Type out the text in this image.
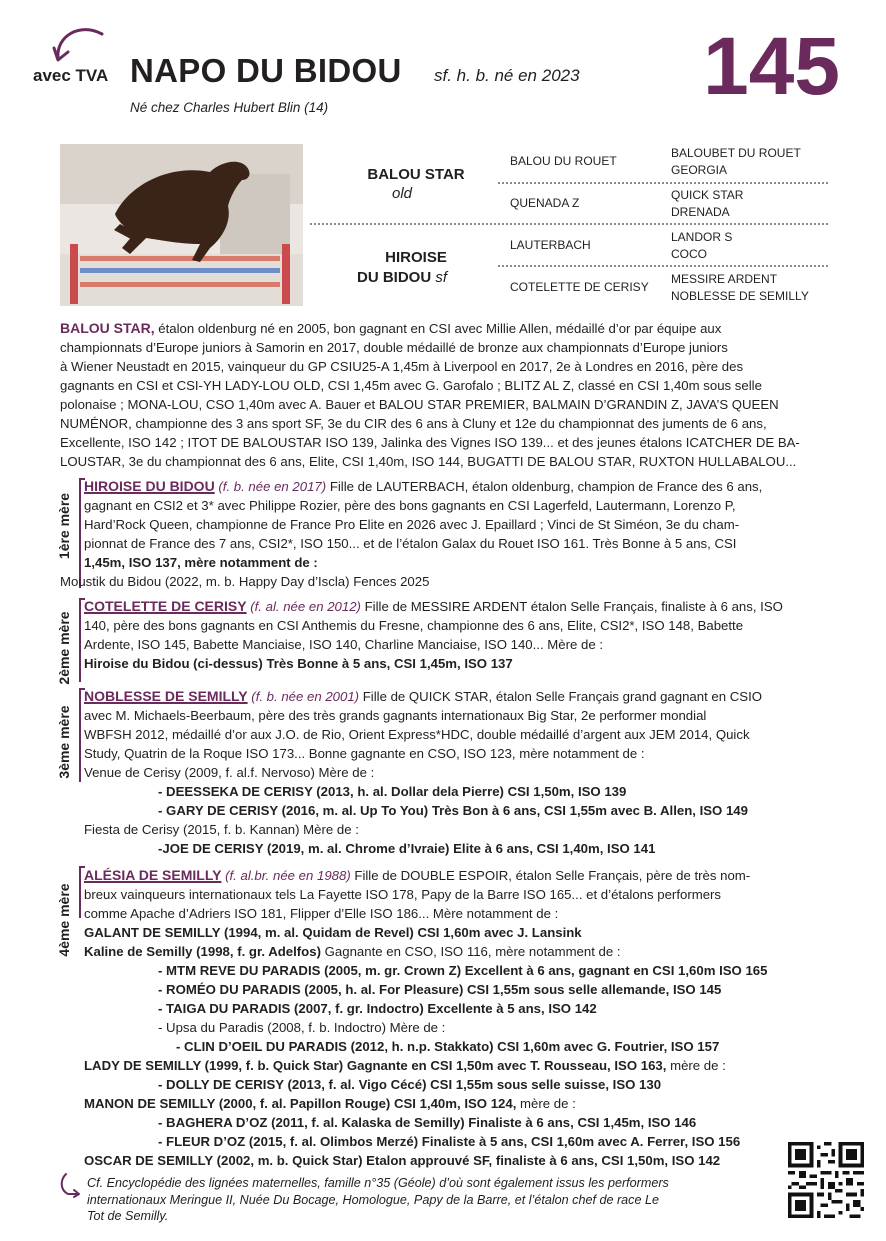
avec TVA NAPO DU BIDOU sf. h. b. né en 2023
Né chez Charles Hubert Blin (14)	145
BALOU STAR
old
HIROISE
DU BIDOU sf
BALOU DU ROUET
QUENADA Z
LAUTERBACH
COTELETTE DE CERISY
BALOUBET DU ROUET
GEORGIA
QUICK STAR
DRENADA
LANDOR S
COCO
MESSIRE ARDENT
NOBLESSE DE SEMILLY
BALOU STAR, étalon oldenburg né en 2005, bon gagnant en CSI avec Millie Allen, médaillé d’or par équipe aux
championnats d’Europe juniors à Samorin en 2017, double médaillé de bronze aux championnats d’Europe juniors
à Wiener Neustadt en 2015, vainqueur du GP CSIU25-A 1,45m à Liverpool en 2017, 2e à Londres en 2016, père des
gagnants en CSI et CSI-YH LADY-LOU OLD, CSI 1,45m avec G. Garofalo ; BLITZ AL Z, classé en CSI 1,40m sous selle
polonaise ; MONA-LOU, CSO 1,40m avec A. Bauer et BALOU STAR PREMIER, BALMAIN D’GRANDIN Z, JAVA’S QUEEN
NUMÉNOR, championne des 3 ans sport SF, 3e du CIR des 6 ans à Cluny et 12e du championnat des juments de 6 ans,
Excellente, ISO 142 ; ITOT DE BALOUSTAR ISO 139, Jalinka des Vignes ISO 139... et des jeunes étalons ICATCHER DE BA-
LOUSTAR, 3e du championnat des 6 ans, Elite, CSI 1,40m, ISO 144, BUGATTI DE BALOU STAR, RUXTON HULLABALOU...
1ère mère
HIROISE DU BIDOU (f. b. née en 2017) Fille de LAUTERBACH, étalon oldenburg, champion de France des 6 ans,
gagnant en CSI2 et 3* avec Philippe Rozier, père des bons gagnants en CSI Lagerfeld, Lautermann, Lorenzo P,
Hard’Rock Queen, championne de France Pro Elite en 2026 avec J. Epaillard ; Vinci de St Siméon, 3e du cham-
pionnat de France des 7 ans, CSI2*, ISO 150... et de l’étalon Galax du Rouet ISO 161. Très Bonne à 5 ans, CSI
1,45m, ISO 137, mère notamment de :
Moustik du Bidou (2022, m. b. Happy Day d’Iscla) Fences 2025
2ème mère
COTELETTE DE CERISY (f. al. née en 2012) Fille de MESSIRE ARDENT étalon Selle Français, finaliste à 6 ans, ISO
140, père des bons gagnants en CSI Anthemis du Fresne, championne des 6 ans, Elite, CSI2*, ISO 148, Babette
Ardente, ISO 145, Babette Manciaise, ISO 140, Charline Manciaise, ISO 140... Mère de :
Hiroise du Bidou (ci-dessus) Très Bonne à 5 ans, CSI 1,45m, ISO 137
3ème mère
NOBLESSE DE SEMILLY (f. b. née en 2001) Fille de QUICK STAR, étalon Selle Français grand gagnant en CSIO
avec M. Michaels-Beerbaum, père des très grands gagnants internationaux Big Star, 2e performer mondial
WBFSH 2012, médaillé d’or aux J.O. de Rio, Orient Express*HDC, double médaillé d’argent aux JEM 2014, Quick
Study, Quatrin de la Roque ISO 173... Bonne gagnante en CSO, ISO 123, mère notamment de :
Venue de Cerisy (2009, f. al.f. Nervoso) Mère de :
- DEESSEKA DE CERISY (2013, h. al. Dollar dela Pierre) CSI 1,50m, ISO 139
- GARY DE CERISY (2016, m. al. Up To You) Très Bon à 6 ans, CSI 1,55m avec B. Allen, ISO 149
Fiesta de Cerisy (2015, f. b. Kannan) Mère de :
-JOE DE CERISY (2019, m. al. Chrome d’Ivraie) Elite à 6 ans, CSI 1,40m, ISO 141
4ème mère
ALÉSIA DE SEMILLY (f. al.br. née en 1988) Fille de DOUBLE ESPOIR, étalon Selle Français, père de très nom-
breux vainqueurs internationaux tels La Fayette ISO 178, Papy de la Barre ISO 165... et d’étalons performers
comme Apache d’Adriers ISO 181, Flipper d’Elle ISO 186... Mère notamment de :
GALANT DE SEMILLY (1994, m. al. Quidam de Revel) CSI 1,60m avec J. Lansink
Kaline de Semilly (1998, f. gr. Adelfos) Gagnante en CSO, ISO 116, mère notamment de :
- MTM REVE DU PARADIS (2005, m. gr. Crown Z) Excellent à 6 ans, gagnant en CSI 1,60m ISO 165
- ROMÉO DU PARADIS (2005, h. al. For Pleasure) CSI 1,55m sous selle allemande, ISO 145
- TAIGA DU PARADIS (2007, f. gr. Indoctro) Excellente à 5 ans, ISO 142
- Upsa du Paradis (2008, f. b. Indoctro) Mère de :
- CLIN D’OEIL DU PARADIS (2012, h. n.p. Stakkato) CSI 1,60m avec G. Foutrier, ISO 157
LADY DE SEMILLY (1999, f. b. Quick Star) Gagnante en CSI 1,50m avec T. Rousseau, ISO 163, mère de :
- DOLLY DE CERISY (2013, f. al. Vigo Cécé) CSI 1,55m sous selle suisse, ISO 130
MANON DE SEMILLY (2000, f. al. Papillon Rouge) CSI 1,40m, ISO 124, mère de :
- BAGHERA D’OZ (2011, f. al. Kalaska de Semilly) Finaliste à 6 ans, CSI 1,45m, ISO 146
- FLEUR D’OZ (2015, f. al. Olimbos Merzé) Finaliste à 5 ans, CSI 1,60m avec A. Ferrer, ISO 156
OSCAR DE SEMILLY (2002, m. b. Quick Star) Etalon approuvé SF, finaliste à 6 ans, CSI 1,50m, ISO 142
Cf. Encyclopédie des lignées maternelles, famille n°35 (Géole) d’où sont également issus les performers
internationaux Meringue II, Nuée Du Bocage, Homologue, Papy de la Barre, et l’étalon chef de race Le
Tot de Semilly.
